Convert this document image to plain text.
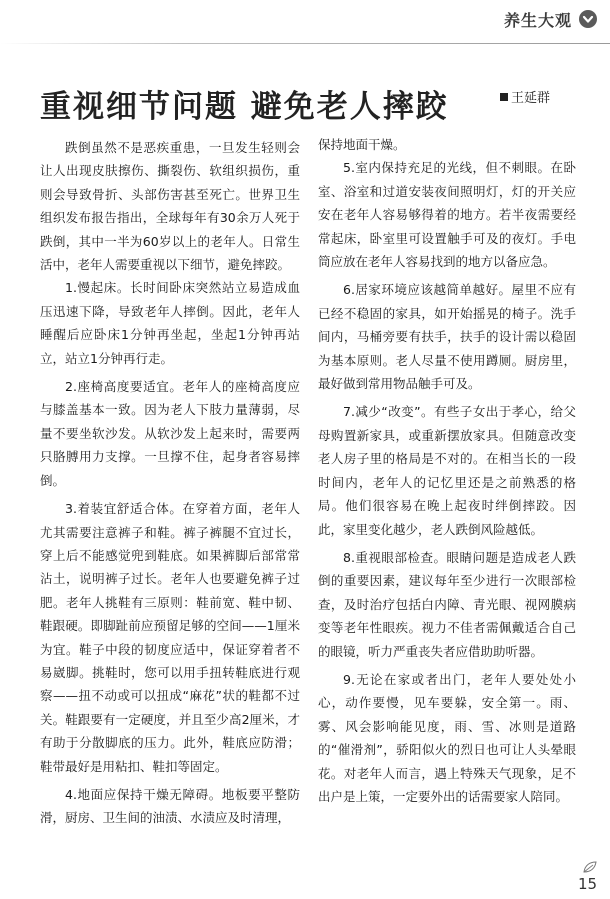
养生大观
重视细节问题 避免老人摔跤	王延群

跌倒虽然不是恶疾重患，一旦发生轻则会让人出现皮肤擦伤、撕裂伤、软组织损伤，重则会导致骨折、头部伤害甚至死亡。世界卫生组织发布报告指出，全球每年有30余万人死于跌倒，其中一半为60岁以上的老年人。日常生活中，老年人需要重视以下细节，避免摔跤。

1.慢起床。长时间卧床突然站立易造成血压迅速下降，导致老年人摔倒。因此，老年人睡醒后应卧床1分钟再坐起，坐起1分钟再站立，站立1分钟再行走。

2.座椅高度要适宜。老年人的座椅高度应与膝盖基本一致。因为老人下肢力量薄弱，尽量不要坐软沙发。从软沙发上起来时，需要两只胳膊用力支撑。一旦撑不住，起身者容易摔倒。

3.着装宜舒适合体。在穿着方面，老年人尤其需要注意裤子和鞋。裤子裤腿不宜过长，穿上后不能感觉兜到鞋底。如果裤脚后部常常沾土，说明裤子过长。老年人也要避免裤子过肥。老年人挑鞋有三原则：鞋前宽、鞋中韧、鞋跟硬。即脚趾前应预留足够的空间——1厘米为宜。鞋子中段的韧度应适中，保证穿着者不易崴脚。挑鞋时，您可以用手扭转鞋底进行观察——扭不动或可以扭成“麻花”状的鞋都不过关。鞋跟要有一定硬度，并且至少高2厘米，才有助于分散脚底的压力。此外，鞋底应防滑；鞋带最好是用粘扣、鞋扣等固定。

4.地面应保持干燥无障碍。地板要平整防滑，厨房、卫生间的油渍、水渍应及时清理，

保持地面干燥。

5.室内保持充足的光线，但不刺眼。在卧室、浴室和过道安装夜间照明灯，灯的开关应安在老年人容易够得着的地方。若半夜需要经常起床，卧室里可设置触手可及的夜灯。手电筒应放在老年人容易找到的地方以备应急。

6.居家环境应该越简单越好。屋里不应有已经不稳固的家具，如开始摇晃的椅子。洗手间内，马桶旁要有扶手，扶手的设计需以稳固为基本原则。老人尽量不使用蹲厕。厨房里，最好做到常用物品触手可及。

7.减少“改变”。有些子女出于孝心，给父母购置新家具，或重新摆放家具。但随意改变老人房子里的格局是不对的。在相当长的一段时间内，老年人的记忆里还是之前熟悉的格局。他们很容易在晚上起夜时绊倒摔跤。因此，家里变化越少，老人跌倒风险越低。

8.重视眼部检查。眼睛问题是造成老人跌倒的重要因素，建议每年至少进行一次眼部检查，及时治疗包括白内障、青光眼、视网膜病变等老年性眼疾。视力不佳者需佩戴适合自己的眼镜，听力严重丧失者应借助助听器。

9.无论在家或者出门，老年人要处处小心，动作要慢，见车要躲，安全第一。雨、雾、风会影响能见度，雨、雪、冰则是道路的“催滑剂”，骄阳似火的烈日也可让人头晕眼花。对老年人而言，遇上特殊天气现象，足不出户是上策，一定要外出的话需要家人陪同。

15
